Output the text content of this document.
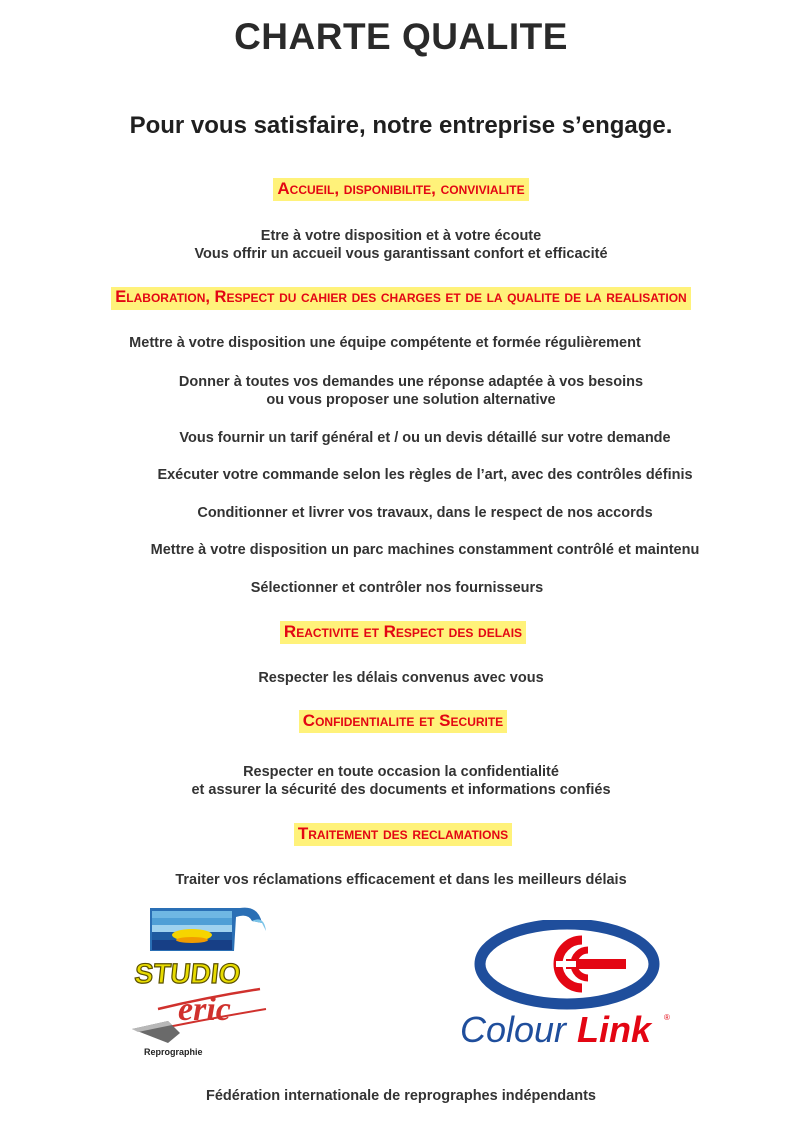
CHARTE QUALITE
Pour vous satisfaire, notre entreprise s’engage.
Accueil, disponibilite, convivialite
Etre à votre disposition et à votre écoute
Vous offrir un accueil vous garantissant confort et efficacité
Elaboration, Respect du cahier des charges et de la qualite de la realisation
Mettre à votre disposition une équipe compétente et formée régulièrement
Donner à toutes vos demandes une réponse adaptée à vos besoins
ou vous proposer une solution alternative
Vous fournir un tarif général et / ou un devis détaillé sur votre demande
Exécuter votre commande selon les règles de l’art, avec des contrôles définis
Conditionner et livrer vos travaux, dans le respect de nos accords
Mettre à votre disposition un parc machines constamment contrôlé et maintenu
Sélectionner et contrôler nos fournisseurs
Reactivite et Respect des delais
Respecter les délais convenus avec vous
Confidentialite et Securite
Respecter en toute occasion la confidentialité
et assurer la sécurité des documents et informations confiés
Traitement des reclamations
Traiter vos réclamations efficacement et dans les meilleurs délais
STUDIO
eric
Reprographie
Colour Link ®
Fédération internationale de reprographes indépendants
